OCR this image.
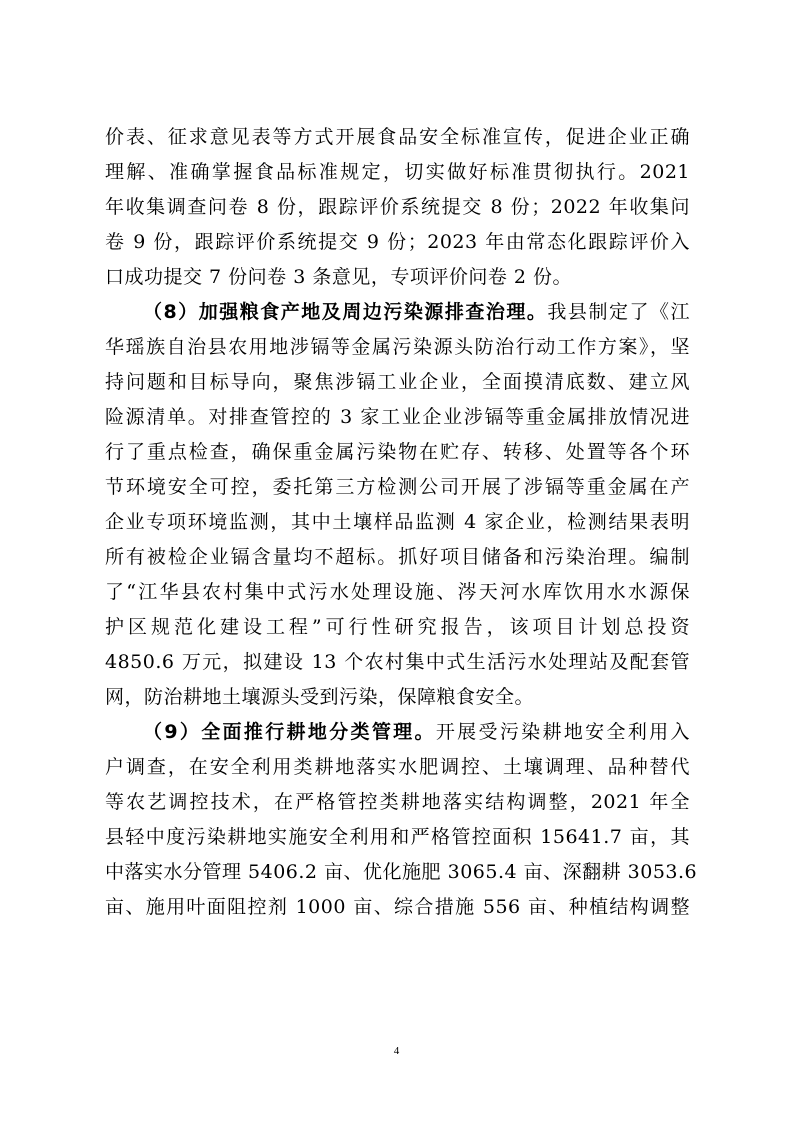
价表、征求意见表等方式开展食品安全标准宣传，促进企业正确
理解、准确掌握食品标准规定，切实做好标准贯彻执行。2021
年收集调查问卷 8 份，跟踪评价系统提交 8 份；2022 年收集问
卷 9 份，跟踪评价系统提交 9 份；2023 年由常态化跟踪评价入
口成功提交 7 份问卷 3 条意见，专项评价问卷 2 份。
（8）加强粮食产地及周边污染源排查治理。我县制定了《江
华瑶族自治县农用地涉镉等金属污染源头防治行动工作方案》，坚
持问题和目标导向，聚焦涉镉工业企业，全面摸清底数、建立风
险源清单。对排查管控的 3 家工业企业涉镉等重金属排放情况进
行了重点检查，确保重金属污染物在贮存、转移、处置等各个环
节环境安全可控，委托第三方检测公司开展了涉镉等重金属在产
企业专项环境监测，其中土壤样品监测 4 家企业，检测结果表明
所有被检企业镉含量均不超标。抓好项目储备和污染治理。编制
了“江华县农村集中式污水处理设施、涔天河水库饮用水水源保
护区规范化建设工程”可行性研究报告，该项目计划总投资
4850.6 万元，拟建设 13 个农村集中式生活污水处理站及配套管
网，防治耕地土壤源头受到污染，保障粮食安全。
（9）全面推行耕地分类管理。开展受污染耕地安全利用入
户调查，在安全利用类耕地落实水肥调控、土壤调理、品种替代
等农艺调控技术，在严格管控类耕地落实结构调整，2021 年全
县轻中度污染耕地实施安全利用和严格管控面积 15641.7 亩，其
中落实水分管理 5406.2 亩、优化施肥 3065.4 亩、深翻耕 3053.6
亩、施用叶面阻控剂 1000 亩、综合措施 556 亩、种植结构调整
4
